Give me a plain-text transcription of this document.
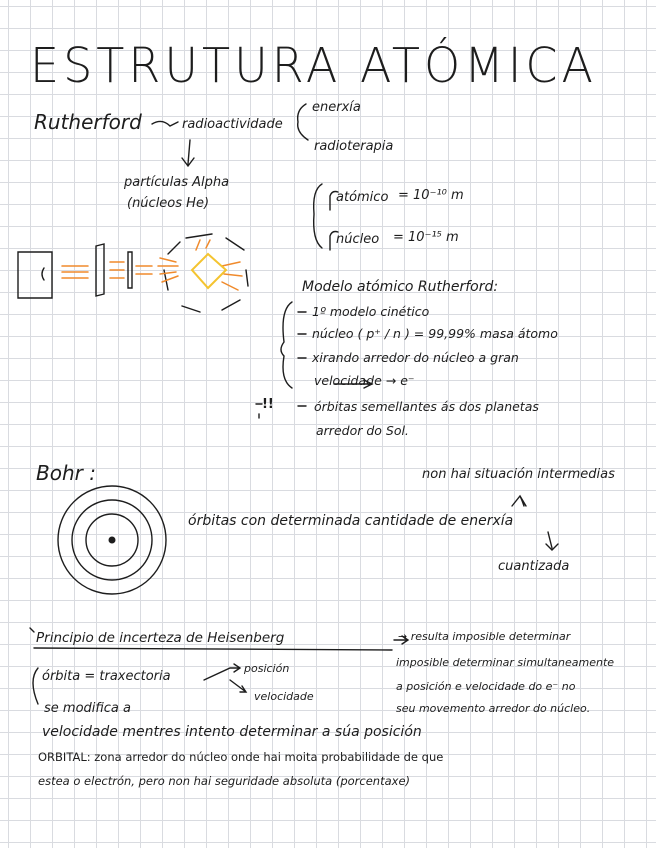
ESTRUTURA ATÓMICA
Rutherford	radioactividade
enerxía
radioterapia
partículas Alpha
(núcleos He)	atómico = 10⁻¹⁰ m
núcleo = 10⁻¹⁵ m
Modelo atómico Rutherford:
1º modelo cinético
núcleo ( p⁺ / n ) = 99,99% masa átomo
xirando arredor do núcleo a gran
velocidade → e⁻
órbitas semellantes ás dos planetas
arredor do Sol.
!!
Bohr :	non hai situación intermedias
órbitas con determinada cantidade de enerxía
cuantizada
Principio de incerteza de Heisenberg	→ resulta imposible determinar
imposible determinar simultaneamente
a posición e velocidade do e⁻ no
seu movemento arredor do núcleo.
órbita = traxectoria
posición
velocidade
se modifica a
velocidade mentres intento determinar a súa posición
ORBITAL: zona arredor do núcleo onde hai moita probabilidade de que
estea o electrón, pero non hai seguridade absoluta (porcentaxe)
